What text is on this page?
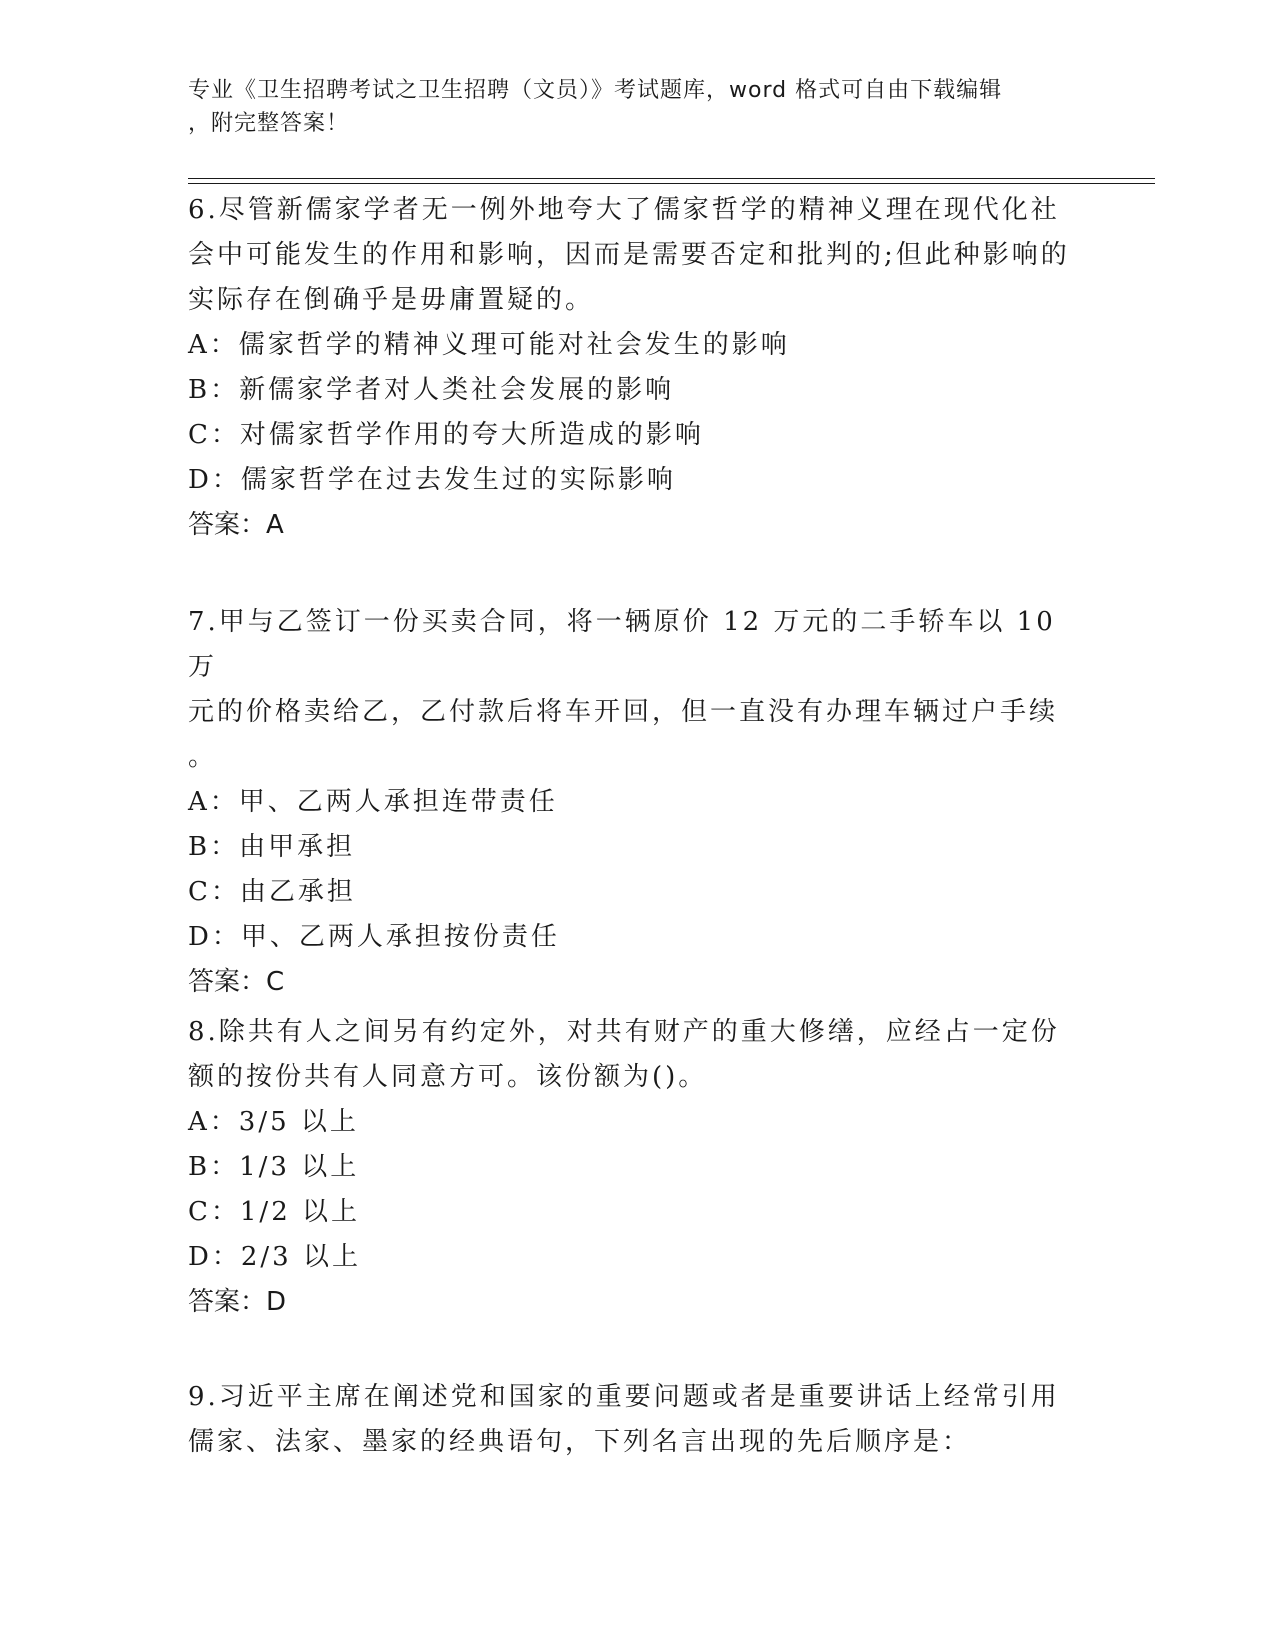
专业《卫生招聘考试之卫生招聘（文员）》考试题库，word 格式可自由下载编辑
，附完整答案！

6.尽管新儒家学者无一例外地夸大了儒家哲学的精神义理在现代化社

会中可能发生的作用和影响，因而是需要否定和批判的;但此种影响的

实际存在倒确乎是毋庸置疑的。

A：儒家哲学的精神义理可能对社会发生的影响

B：新儒家学者对人类社会发展的影响

C：对儒家哲学作用的夸大所造成的影响

D：儒家哲学在过去发生过的实际影响

答案：A

7.甲与乙签订一份买卖合同，将一辆原价 12 万元的二手轿车以 10 万

元的价格卖给乙，乙付款后将车开回，但一直没有办理车辆过户手续

。

A：甲、乙两人承担连带责任

B：由甲承担

C：由乙承担

D：甲、乙两人承担按份责任

答案：C

8.除共有人之间另有约定外，对共有财产的重大修缮，应经占一定份

额的按份共有人同意方可。该份额为()。

A：3/5 以上

B：1/3 以上

C：1/2 以上

D：2/3 以上

答案：D

9.习近平主席在阐述党和国家的重要问题或者是重要讲话上经常引用

儒家、法家、墨家的经典语句，下列名言出现的先后顺序是：
